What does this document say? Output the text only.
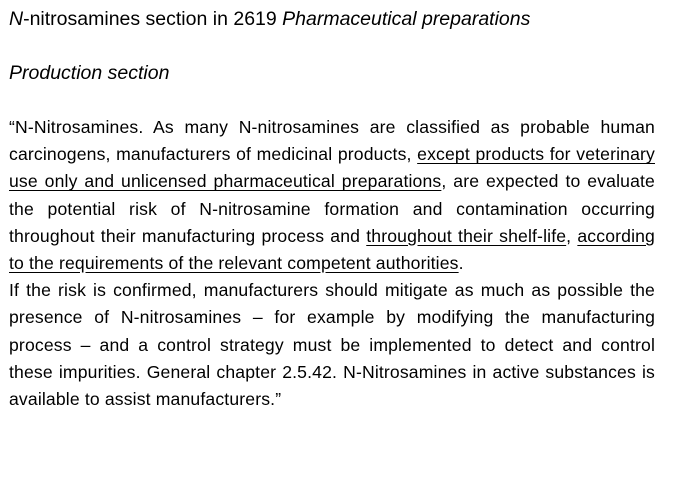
N-nitrosamines section in 2619 Pharmaceutical preparations
Production section

“N-Nitrosamines. As many N-nitrosamines are classified as probable human carcinogens, manufacturers of medicinal products, except products for veterinary use only and unlicensed pharmaceutical preparations, are expected to evaluate the potential risk of N-nitrosamine formation and contamination occurring throughout their manufacturing process and throughout their shelf-life, according to the requirements of the relevant competent authorities.

If the risk is confirmed, manufacturers should mitigate as much as possible the presence of N-nitrosamines – for example by modifying the manufacturing process – and a control strategy must be implemented to detect and control these impurities. General chapter 2.5.42. N-Nitrosamines in active substances is available to assist manufacturers.”
